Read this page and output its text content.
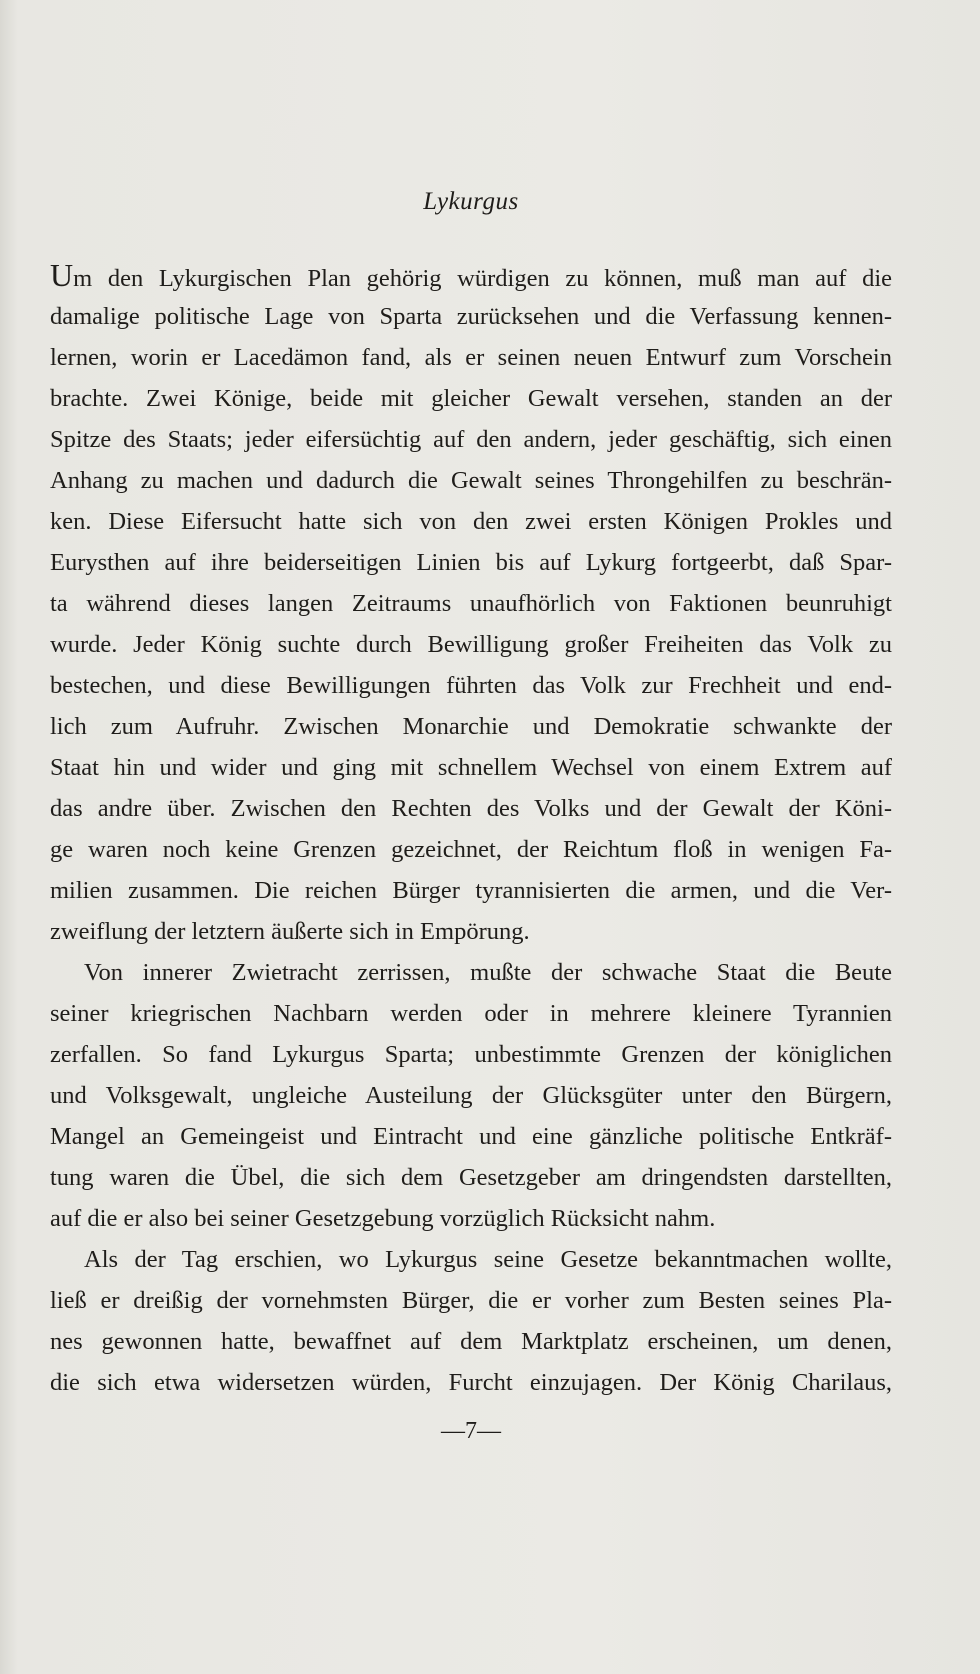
Lykurgus
Um den Lykurgischen Plan gehörig würdigen zu können, muß man auf die
damalige politische Lage von Sparta zurücksehen und die Verfassung kennen-
lernen, worin er Lacedämon fand, als er seinen neuen Entwurf zum Vorschein
brachte. Zwei Könige, beide mit gleicher Gewalt versehen, standen an der
Spitze des Staats; jeder eifersüchtig auf den andern, jeder geschäftig, sich einen
Anhang zu machen und dadurch die Gewalt seines Throngehilfen zu beschrän-
ken. Diese Eifersucht hatte sich von den zwei ersten Königen Prokles und
Eurysthen auf ihre beiderseitigen Linien bis auf Lykurg fortgeerbt, daß Spar-
ta während dieses langen Zeitraums unaufhörlich von Faktionen beunruhigt
wurde. Jeder König suchte durch Bewilligung großer Freiheiten das Volk zu
bestechen, und diese Bewilligungen führten das Volk zur Frechheit und end-
lich zum Aufruhr. Zwischen Monarchie und Demokratie schwankte der
Staat hin und wider und ging mit schnellem Wechsel von einem Extrem auf
das andre über. Zwischen den Rechten des Volks und der Gewalt der Köni-
ge waren noch keine Grenzen gezeichnet, der Reichtum floß in wenigen Fa-
milien zusammen. Die reichen Bürger tyrannisierten die armen, und die Ver-
zweiflung der letztern äußerte sich in Empörung.
Von innerer Zwietracht zerrissen, mußte der schwache Staat die Beute
seiner kriegrischen Nachbarn werden oder in mehrere kleinere Tyrannien
zerfallen. So fand Lykurgus Sparta; unbestimmte Grenzen der königlichen
und Volksgewalt, ungleiche Austeilung der Glücksgüter unter den Bürgern,
Mangel an Gemeingeist und Eintracht und eine gänzliche politische Entkräf-
tung waren die Übel, die sich dem Gesetzgeber am dringendsten darstellten,
auf die er also bei seiner Gesetzgebung vorzüglich Rücksicht nahm.
Als der Tag erschien, wo Lykurgus seine Gesetze bekanntmachen wollte,
ließ er dreißig der vornehmsten Bürger, die er vorher zum Besten seines Pla-
nes gewonnen hatte, bewaffnet auf dem Marktplatz erscheinen, um denen,
die sich etwa widersetzen würden, Furcht einzujagen. Der König Charilaus,
—7—
